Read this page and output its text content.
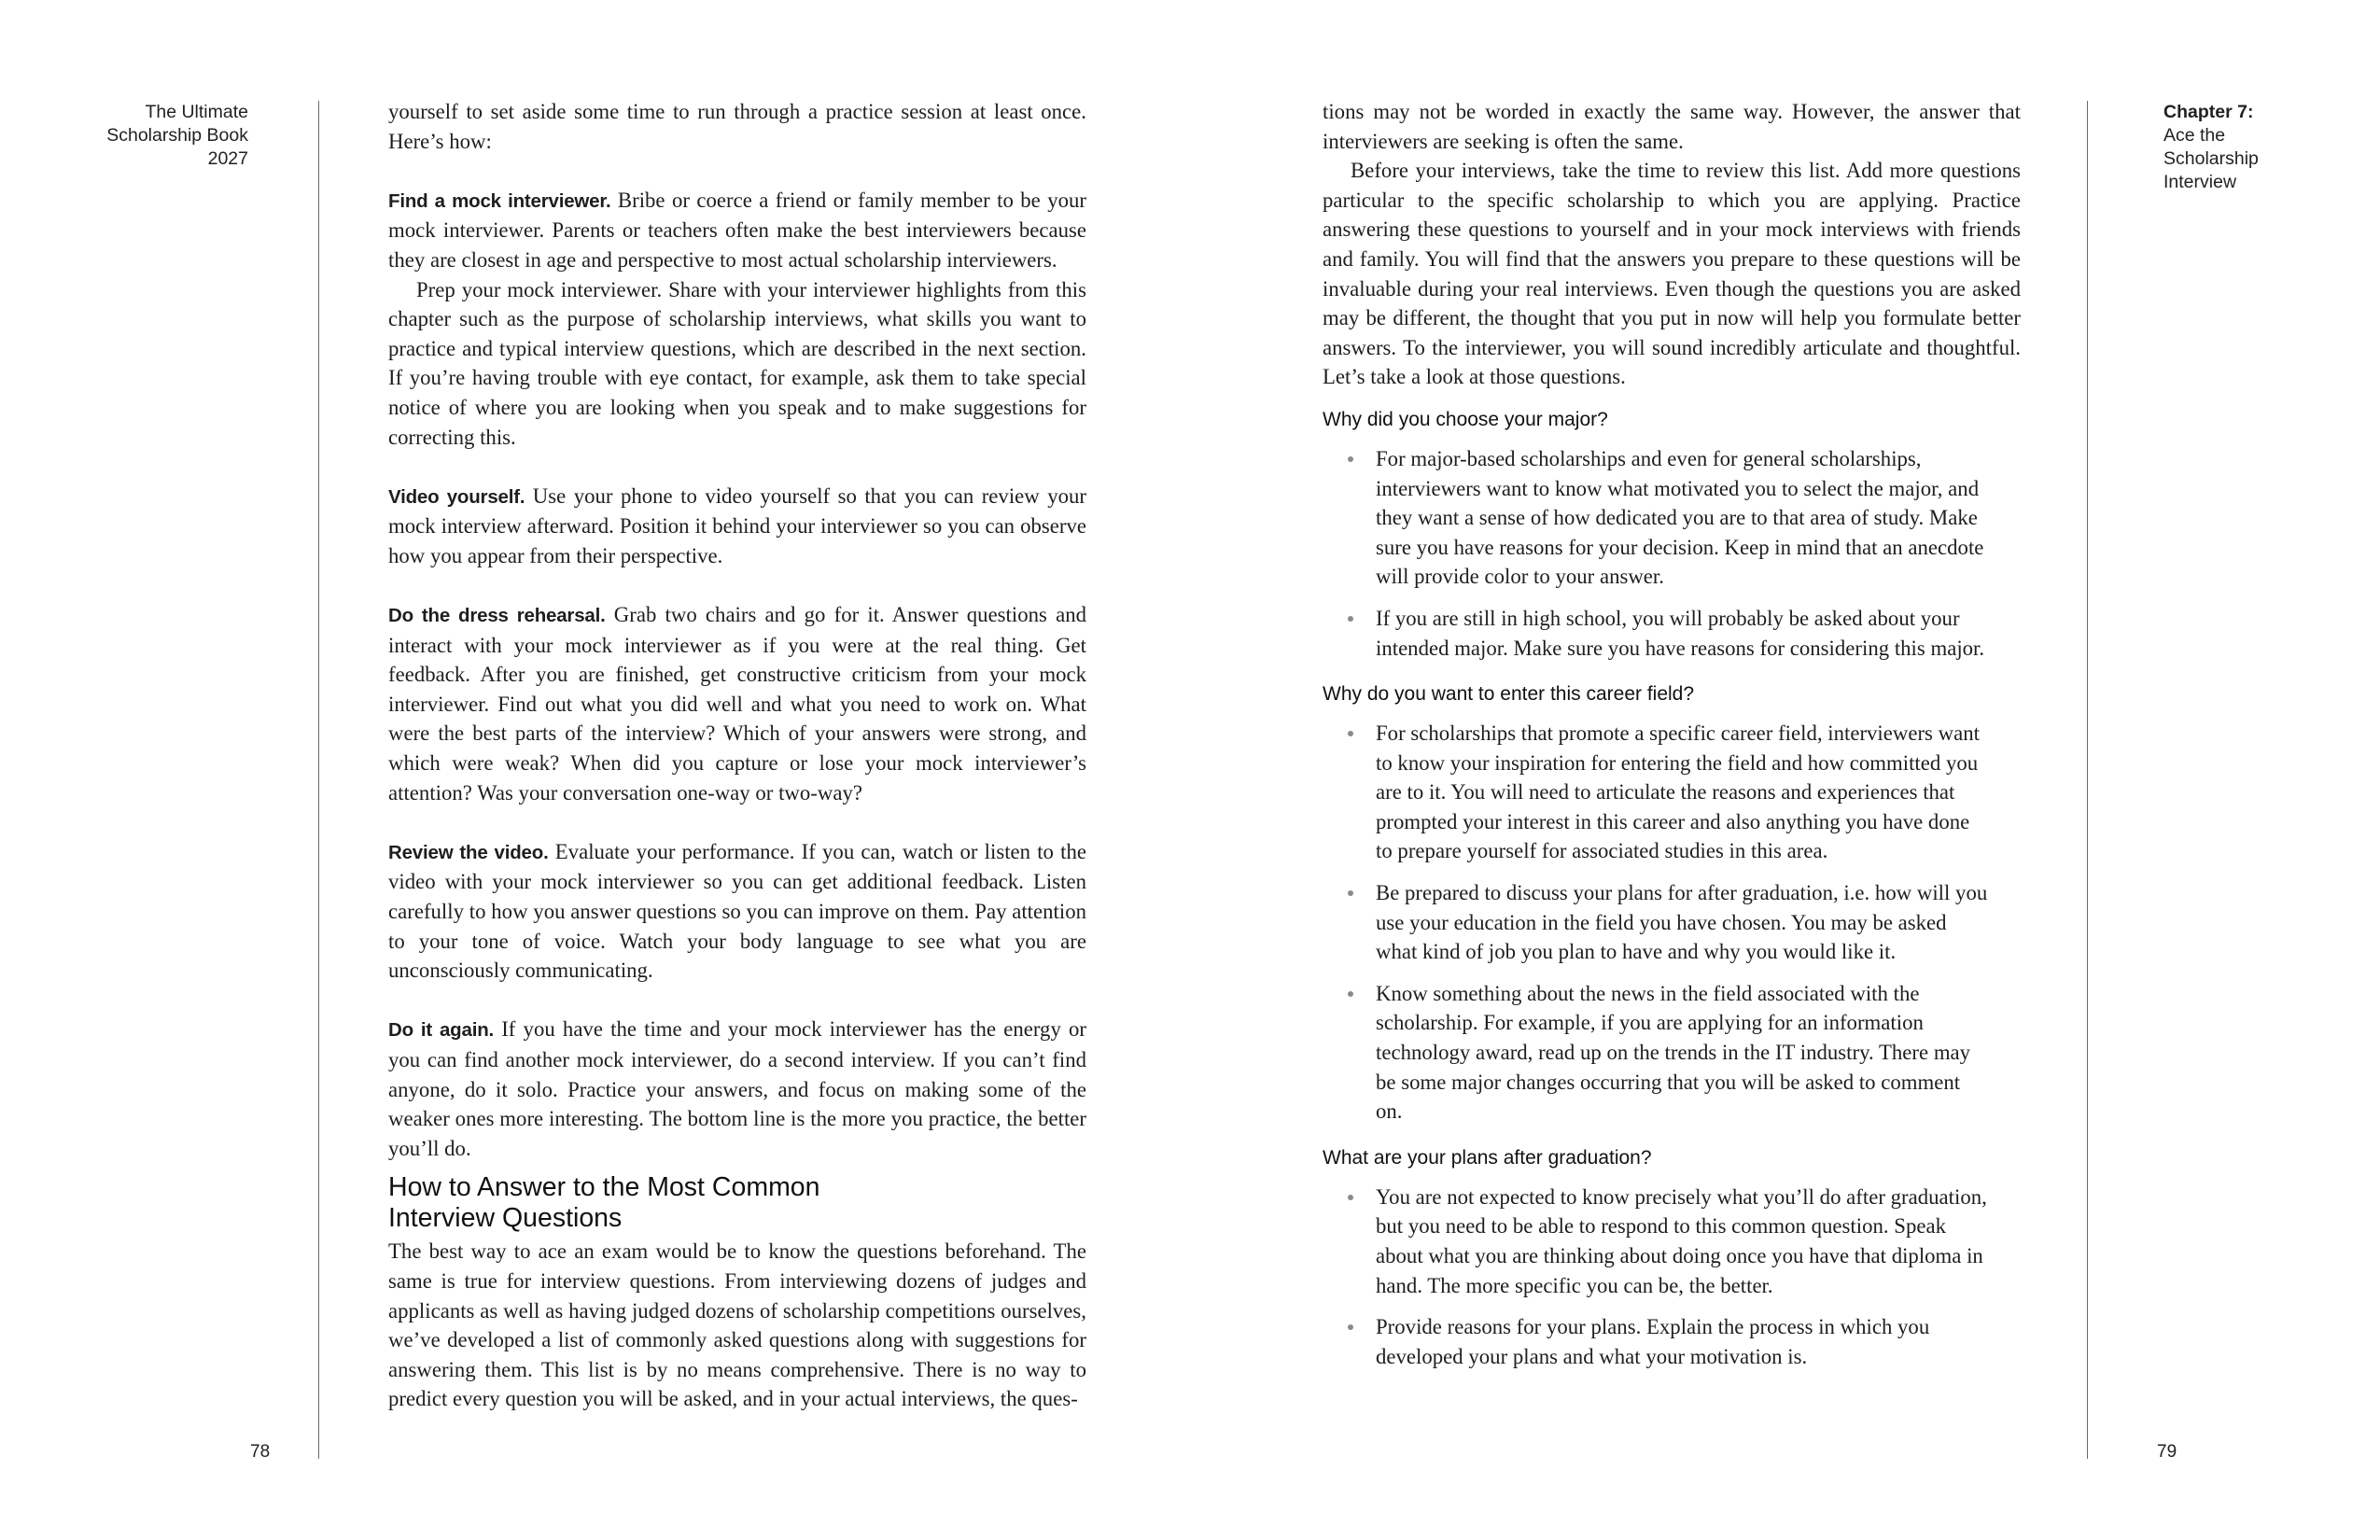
The Ultimate
Scholarship Book
2027
78

yourself to set aside some time to run through a practice session at least once. Here’s how:

Find a mock interviewer. Bribe or coerce a friend or family member to be your mock interviewer. Parents or teachers often make the best interviewers because they are closest in age and perspective to most actual scholarship interviewers.

Prep your mock interviewer. Share with your interviewer highlights from this chapter such as the purpose of scholarship interviews, what skills you want to practice and typical interview questions, which are described in the next section. If you’re having trouble with eye contact, for example, ask them to take special notice of where you are looking when you speak and to make suggestions for correcting this.

Video yourself. Use your phone to video yourself so that you can review your mock interview afterward. Position it behind your interviewer so you can observe how you appear from their perspective.

Do the dress rehearsal. Grab two chairs and go for it. Answer questions and interact with your mock interviewer as if you were at the real thing. Get feedback. After you are finished, get constructive criticism from your mock interviewer. Find out what you did well and what you need to work on. What were the best parts of the interview? Which of your answers were strong, and which were weak? When did you capture or lose your mock interviewer’s attention? Was your conversation one-way or two-way?

Review the video. Evaluate your performance. If you can, watch or listen to the video with your mock interviewer so you can get additional feedback. Listen carefully to how you answer questions so you can improve on them. Pay attention to your tone of voice. Watch your body language to see what you are unconsciously communicating.

Do it again. If you have the time and your mock interviewer has the energy or you can find another mock interviewer, do a second interview. If you can’t find anyone, do it solo. Practice your answers, and focus on making some of the weaker ones more interesting. The bottom line is the more you practice, the better you’ll do.

How to Answer to the Most Common
Interview Questions

The best way to ace an exam would be to know the questions beforehand. The same is true for interview questions. From interviewing dozens of judges and applicants as well as having judged dozens of scholarship competitions ourselves, we’ve developed a list of commonly asked questions along with suggestions for answering them. This list is by no means comprehensive. There is no way to predict every question you will be asked, and in your actual interviews, the ques-

tions may not be worded in exactly the same way. However, the answer that interviewers are seeking is often the same.

Before your interviews, take the time to review this list. Add more questions particular to the specific scholarship to which you are applying. Practice answering these questions to yourself and in your mock interviews with friends and family. You will find that the answers you prepare to these questions will be invaluable during your real interviews. Even though the questions you are asked may be different, the thought that you put in now will help you formulate better answers. To the interviewer, you will sound incredibly articulate and thoughtful. Let’s take a look at those questions.

Why did you choose your major?
For major-based scholarships and even for general scholarships, interviewers want to know what motivated you to select the major, and they want a sense of how dedicated you are to that area of study. Make sure you have reasons for your decision. Keep in mind that an anecdote will provide color to your answer.
If you are still in high school, you will probably be asked about your intended major. Make sure you have reasons for considering this major.
Why do you want to enter this career field?
For scholarships that promote a specific career field, interviewers want to know your inspiration for entering the field and how committed you are to it. You will need to articulate the reasons and experiences that prompted your interest in this career and also anything you have done to prepare yourself for associated studies in this area.
Be prepared to discuss your plans for after graduation, i.e. how will you use your education in the field you have chosen. You may be asked what kind of job you plan to have and why you would like it.
Know something about the news in the field associated with the scholarship. For example, if you are applying for an information technology award, read up on the trends in the IT industry. There may be some major changes occurring that you will be asked to comment on.
What are your plans after graduation?
You are not expected to know precisely what you’ll do after graduation, but you need to be able to respond to this common question. Speak about what you are thinking about doing once you have that diploma in hand. The more specific you can be, the better.
Provide reasons for your plans. Explain the process in which you developed your plans and what your motivation is.
Chapter 7:
Ace the
Scholarship
Interview
79
